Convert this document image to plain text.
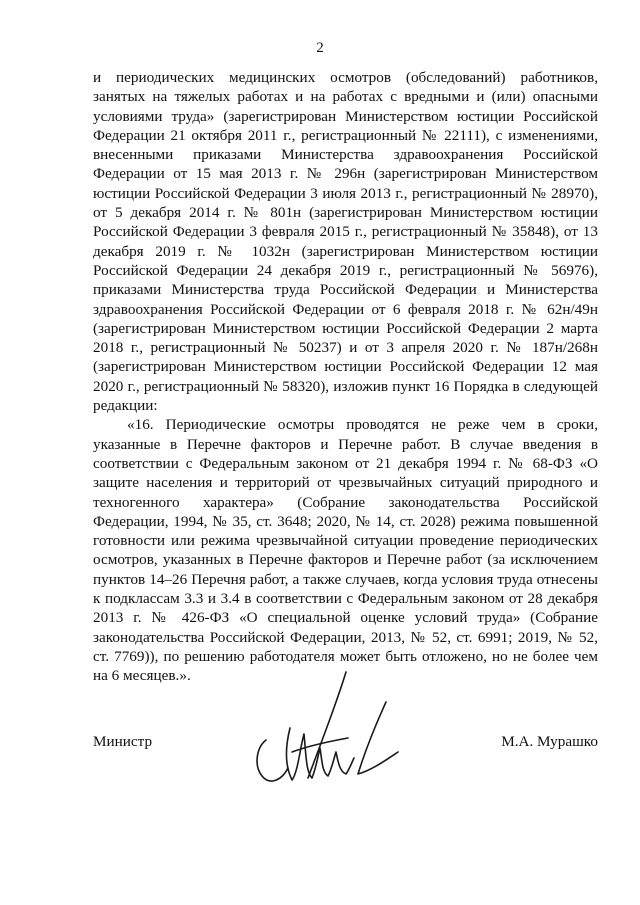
2

и периодических медицинских осмотров (обследований) работников, занятых на тяжелых работах и на работах с вредными и (или) опасными условиями труда» (зарегистрирован Министерством юстиции Российской Федерации 21 октября 2011 г., регистрационный № 22111), с изменениями, внесенными приказами Министерства здравоохранения Российской Федерации от 15 мая 2013 г. № 296н (зарегистрирован Министерством юстиции Российской Федерации 3 июля 2013 г., регистрационный № 28970), от 5 декабря 2014 г. № 801н (зарегистрирован Министерством юстиции Российской Федерации 3 февраля 2015 г., регистрационный № 35848), от 13 декабря 2019 г. № 1032н (зарегистрирован Министерством юстиции Российской Федерации 24 декабря 2019 г., регистрационный № 56976), приказами Министерства труда Российской Федерации и Министерства здравоохранения Российской Федерации от 6 февраля 2018 г. № 62н/49н (зарегистрирован Министерством юстиции Российской Федерации 2 марта 2018 г., регистрационный № 50237) и от 3 апреля 2020 г. № 187н/268н (зарегистрирован Министерством юстиции Российской Федерации 12 мая 2020 г., регистрационный № 58320), изложив пункт 16 Порядка в следующей редакции:

«16. Периодические осмотры проводятся не реже чем в сроки, указанные в Перечне факторов и Перечне работ. В случае введения в соответствии с Федеральным законом от 21 декабря 1994 г. № 68-ФЗ «О защите населения и территорий от чрезвычайных ситуаций природного и техногенного характера» (Собрание законодательства Российской Федерации, 1994, № 35, ст. 3648; 2020, № 14, ст. 2028) режима повышенной готовности или режима чрезвычайной ситуации проведение периодических осмотров, указанных в Перечне факторов и Перечне работ (за исключением пунктов 14–26 Перечня работ, а также случаев, когда условия труда отнесены к подклассам 3.3 и 3.4 в соответствии с Федеральным законом от 28 декабря 2013 г. № 426-ФЗ «О специальной оценке условий труда» (Собрание законодательства Российской Федерации, 2013, № 52, ст. 6991; 2019, № 52, ст. 7769)), по решению работодателя может быть отложено, но не более чем на 6 месяцев.».

Министр	М.А. Мурашко
